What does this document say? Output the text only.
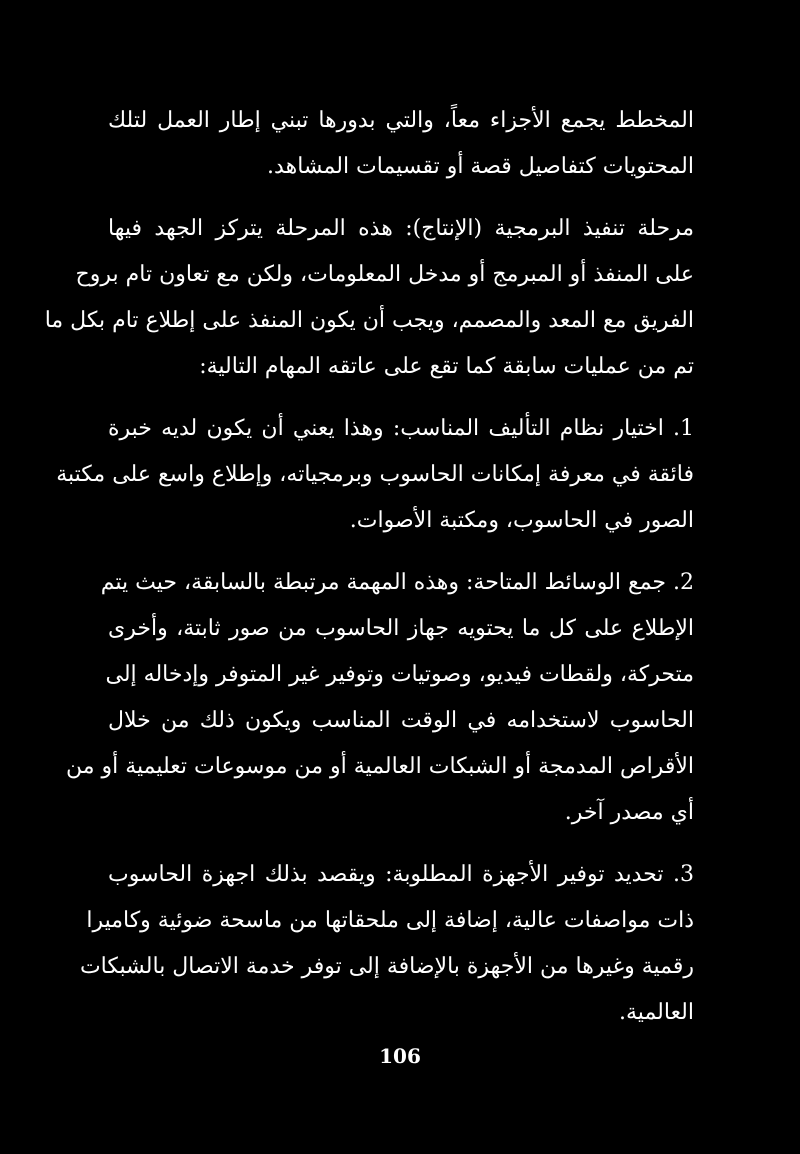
المخطط يجمع الأجزاء معاً، والتي بدورها تبني إطار العمل لتلك
المحتويات كتفاصيل قصة أو تقسيمات المشاهد.
مرحلة تنفيذ البرمجية (الإنتاج): هذه المرحلة يتركز الجهد فيها
على المنفذ أو المبرمج أو مدخل المعلومات، ولكن مع تعاون تام بروح
الفريق مع المعد والمصمم، ويجب أن يكون المنفذ على إطلاع تام بكل ما
تم من عمليات سابقة كما تقع على عاتقه المهام التالية:
1. اختيار نظام التأليف المناسب: وهذا يعني أن يكون لديه خبرة
فائقة في معرفة إمكانات الحاسوب وبرمجياته، وإطلاع واسع على مكتبة
الصور في الحاسوب، ومكتبة الأصوات.
2. جمع الوسائط المتاحة: وهذه المهمة مرتبطة بالسابقة، حيث يتم
الإطلاع على كل ما يحتويه جهاز الحاسوب من صور ثابتة، وأخرى
متحركة، ولقطات فيديو، وصوتيات وتوفير غير المتوفر وإدخاله إلى
الحاسوب لاستخدامه في الوقت المناسب ويكون ذلك من خلال
الأقراص المدمجة أو الشبكات العالمية أو من موسوعات تعليمية أو من
أي مصدر آخر.
3. تحديد توفير الأجهزة المطلوبة: ويقصد بذلك اجهزة الحاسوب
ذات مواصفات عالية، إضافة إلى ملحقاتها من ماسحة ضوئية وكاميرا
رقمية وغيرها من الأجهزة بالإضافة إلى توفر خدمة الاتصال بالشبكات
العالمية.
106
